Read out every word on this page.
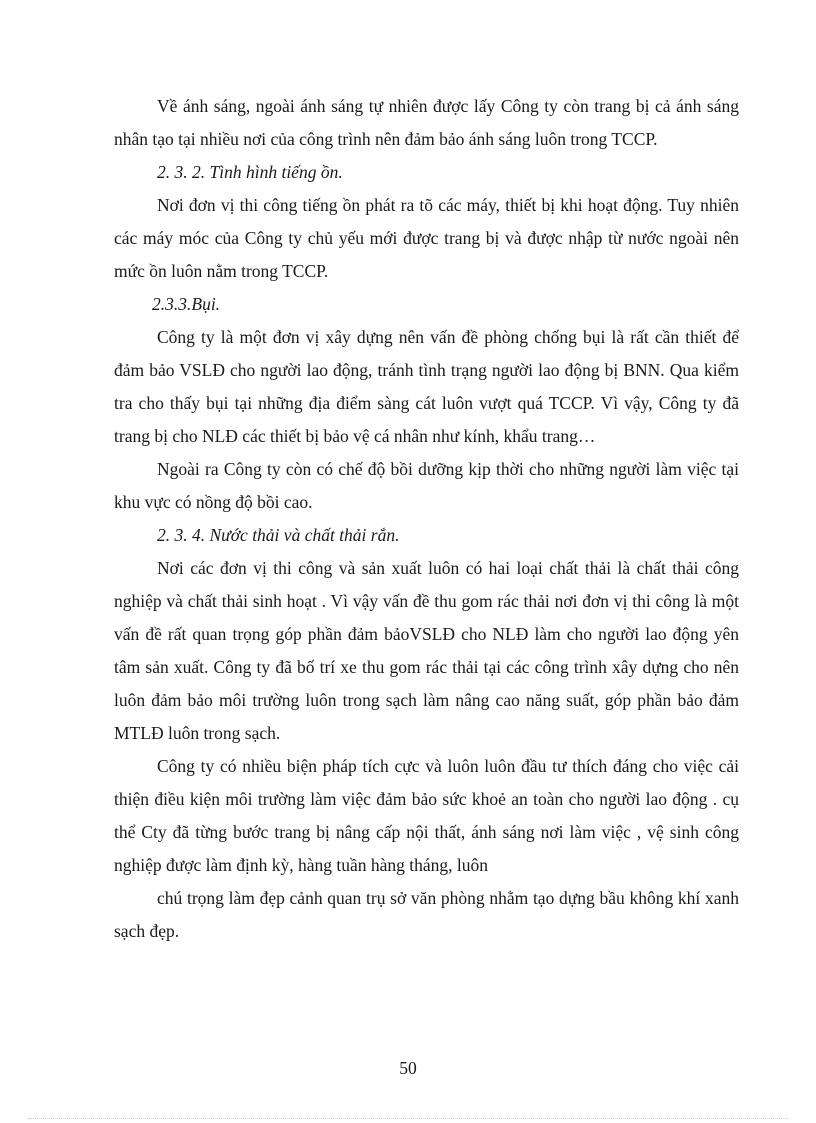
Về ánh sáng, ngoài ánh sáng tự nhiên được lấy Công ty còn trang bị cả ánh sáng nhân tạo tại nhiều nơi của công trình nên đảm bảo ánh sáng luôn trong TCCP.

2. 3. 2. Tình hình tiếng ồn.

Nơi đơn vị thi công tiếng ồn phát ra tõ các máy, thiết bị khi hoạt động. Tuy nhiên các máy móc của Công ty chủ yếu mới được trang bị và được nhập từ nước ngoài nên mức ồn luôn nằm trong TCCP.

2.3.3.Bụi.

Công ty là một đơn vị xây dựng nên vấn đề phòng chống bụi là rất cần thiết để đảm bảo VSLĐ cho người lao động, tránh tình trạng người lao động bị BNN. Qua kiểm tra cho thấy bụi tại những địa điểm sàng cát luôn vượt quá TCCP. Vì vậy, Công ty đã trang bị cho NLĐ các thiết bị bảo vệ cá nhân như kính, khẩu trang…

Ngoài ra Công ty còn có chế độ bồi dưỡng kịp thời cho những người làm việc tại khu vực có nồng độ bồi cao.

2. 3. 4. Nước thải và chất thải rắn.

Nơi các đơn vị thi công và sản xuất luôn có hai loại chất thải là chất thải công nghiệp và chất thải sinh hoạt . Vì vậy vấn đề thu gom rác thải nơi đơn vị thi công là một vấn đề rất quan trọng góp phần đảm bảoVSLĐ cho NLĐ làm cho người lao động yên tâm sản xuất. Công ty đã bố trí xe thu gom rác thải tại các công trình xây dựng cho nên luôn đảm bảo môi trường luôn trong sạch làm nâng cao năng suất, góp phần bảo đảm MTLĐ luôn trong sạch.

Công ty có nhiều biện pháp tích cực và luôn luôn đầu tư thích đáng cho việc cải thiện điều kiện môi trường làm việc đảm bảo sức khoẻ an toàn cho người lao động . cụ thể Cty đã từng bước trang bị nâng cấp nội thất, ánh sáng nơi làm việc , vệ sinh công nghiệp được làm định kỳ, hàng tuần hàng tháng, luôn

chú trọng làm đẹp cảnh quan trụ sở văn phòng nhằm tạo dựng bầu không khí xanh sạch đẹp.

50
